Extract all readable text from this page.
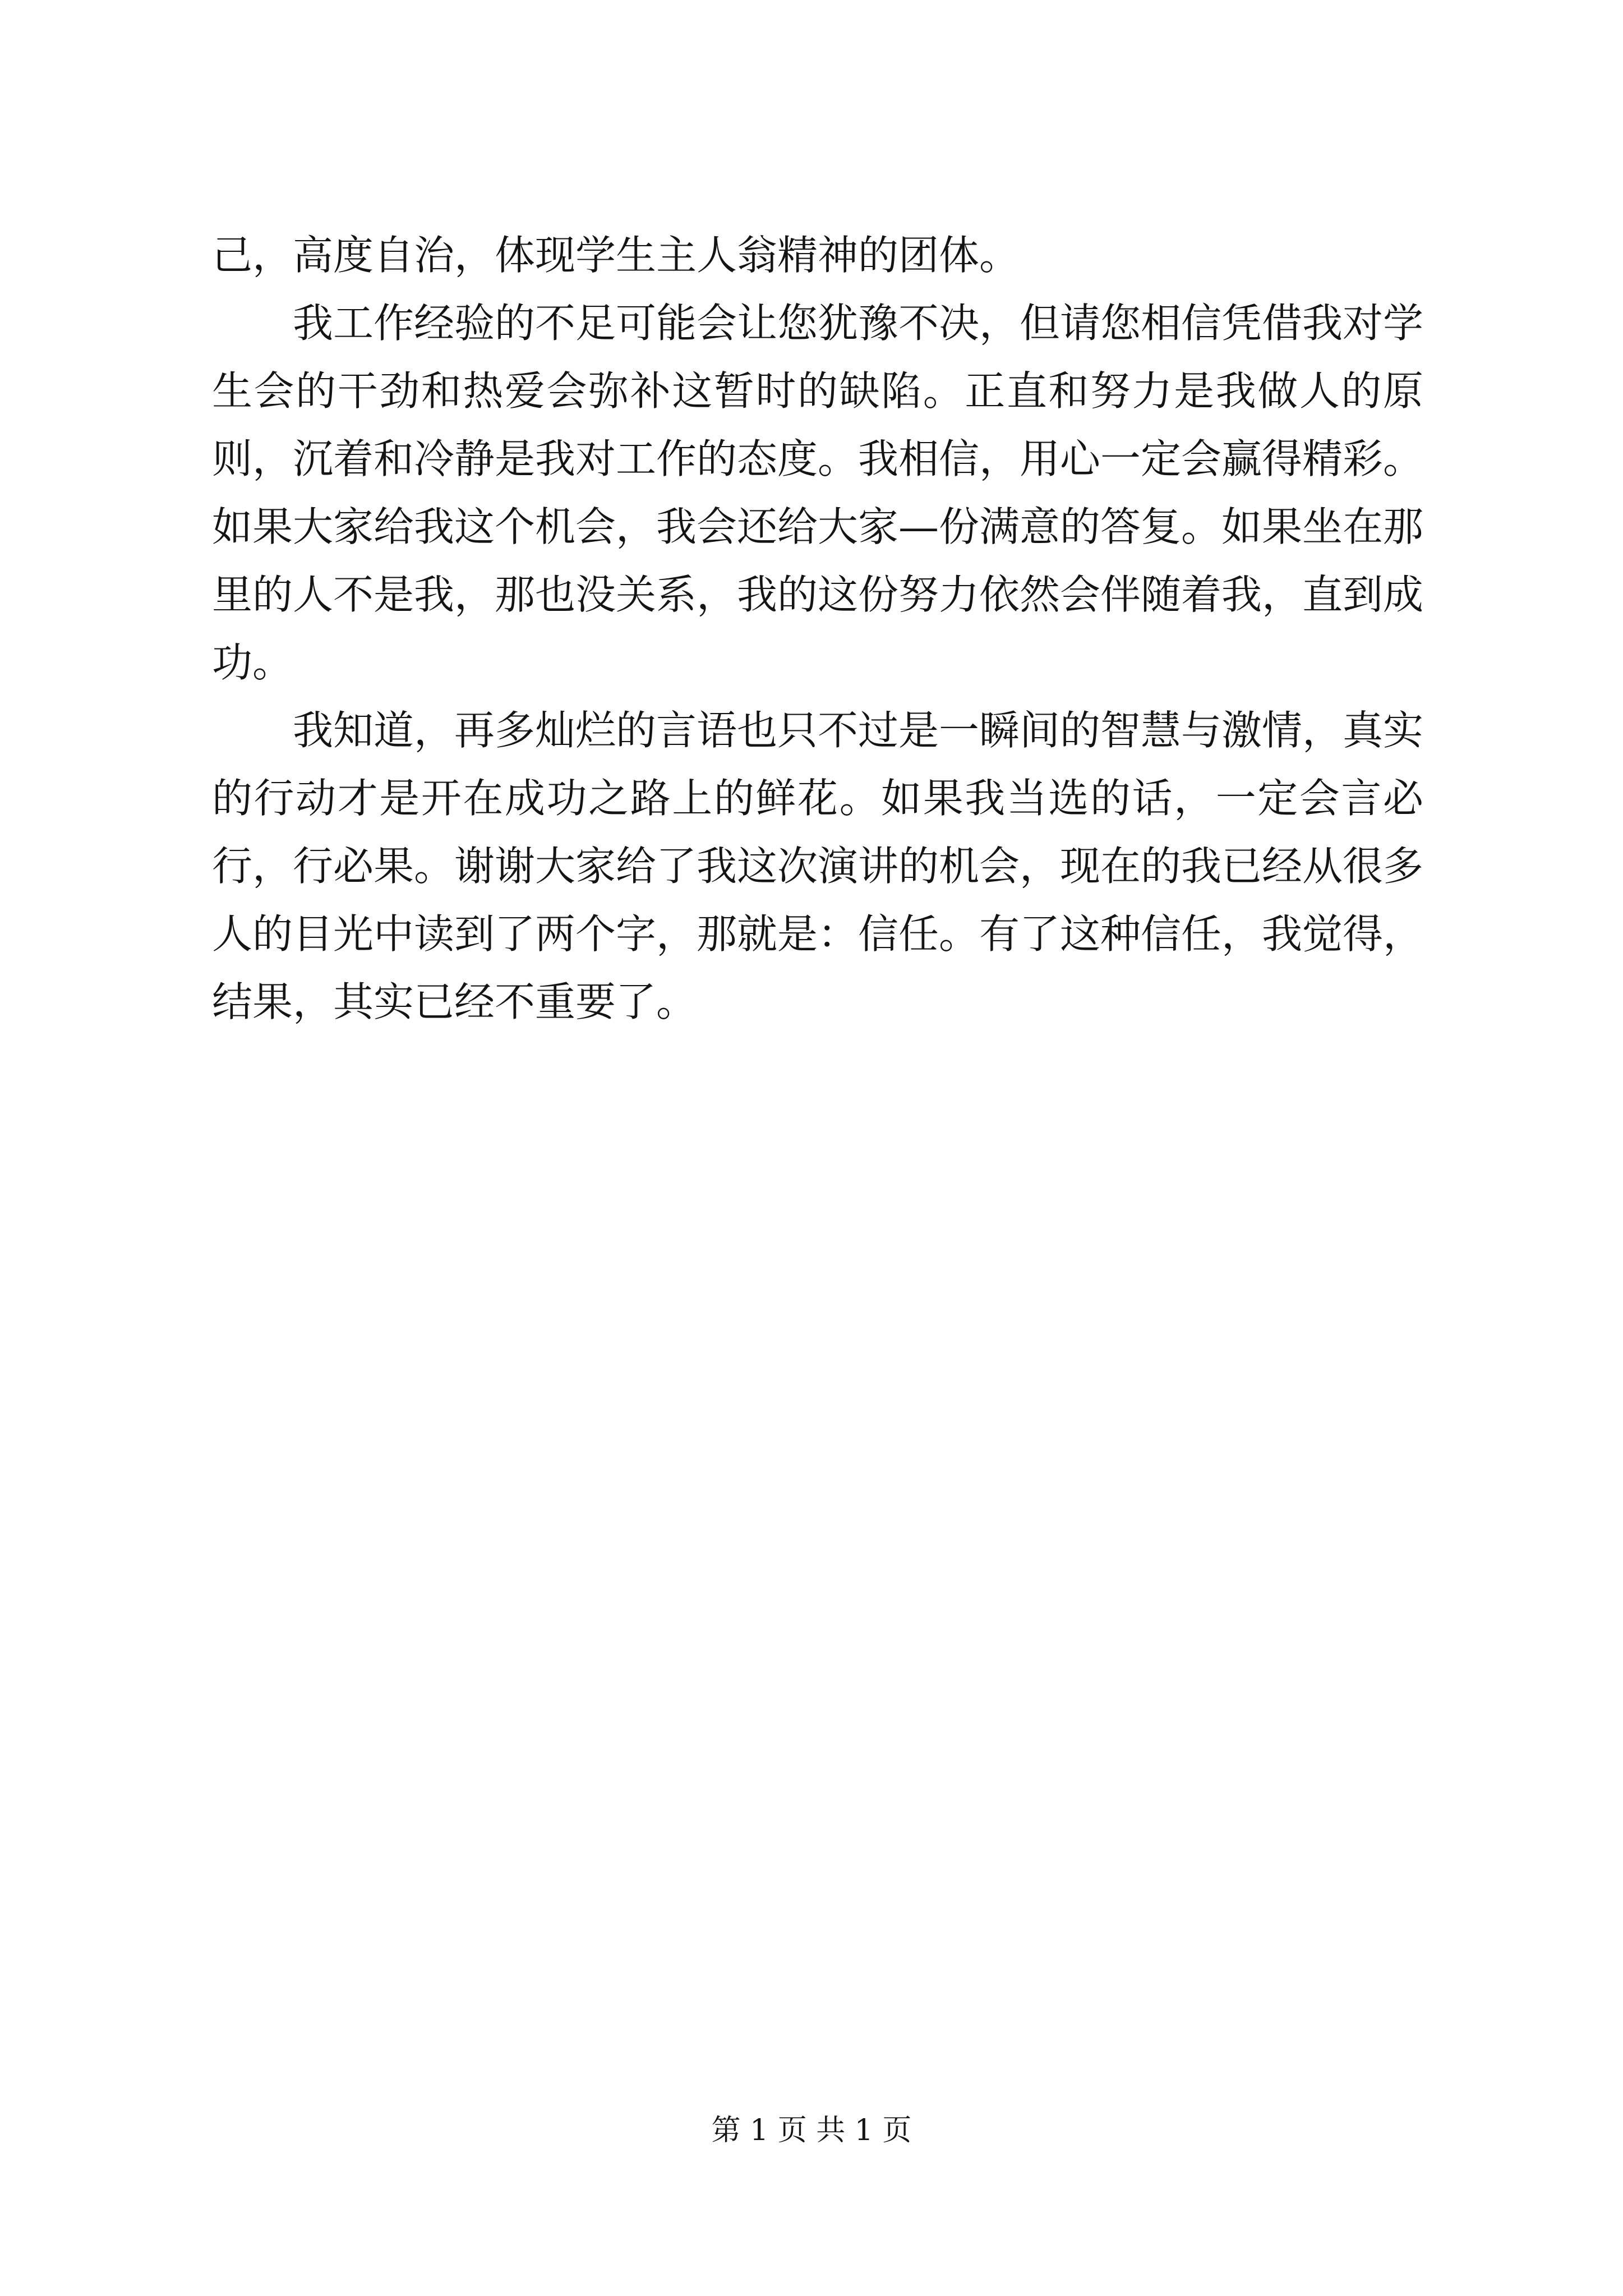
己，高度自治，体现学生主人翁精神的团体。

我工作经验的不足可能会让您犹豫不决，但请您相信凭借我对学生会的干劲和热爱会弥补这暂时的缺陷。正直和努力是我做人的原则，沉着和冷静是我对工作的态度。我相信，用心一定会赢得精彩。如果大家给我这个机会，我会还给大家—份满意的答复。如果坐在那里的人不是我，那也没关系，我的这份努力依然会伴随着我，直到成功。

我知道，再多灿烂的言语也只不过是一瞬间的智慧与激情，真实的行动才是开在成功之路上的鲜花。如果我当选的话，一定会言必行，行必果。谢谢大家给了我这次演讲的机会，现在的我已经从很多人的目光中读到了两个字，那就是：信任。有了这种信任，我觉得，结果，其实已经不重要了。

第 1 页 共 1 页
